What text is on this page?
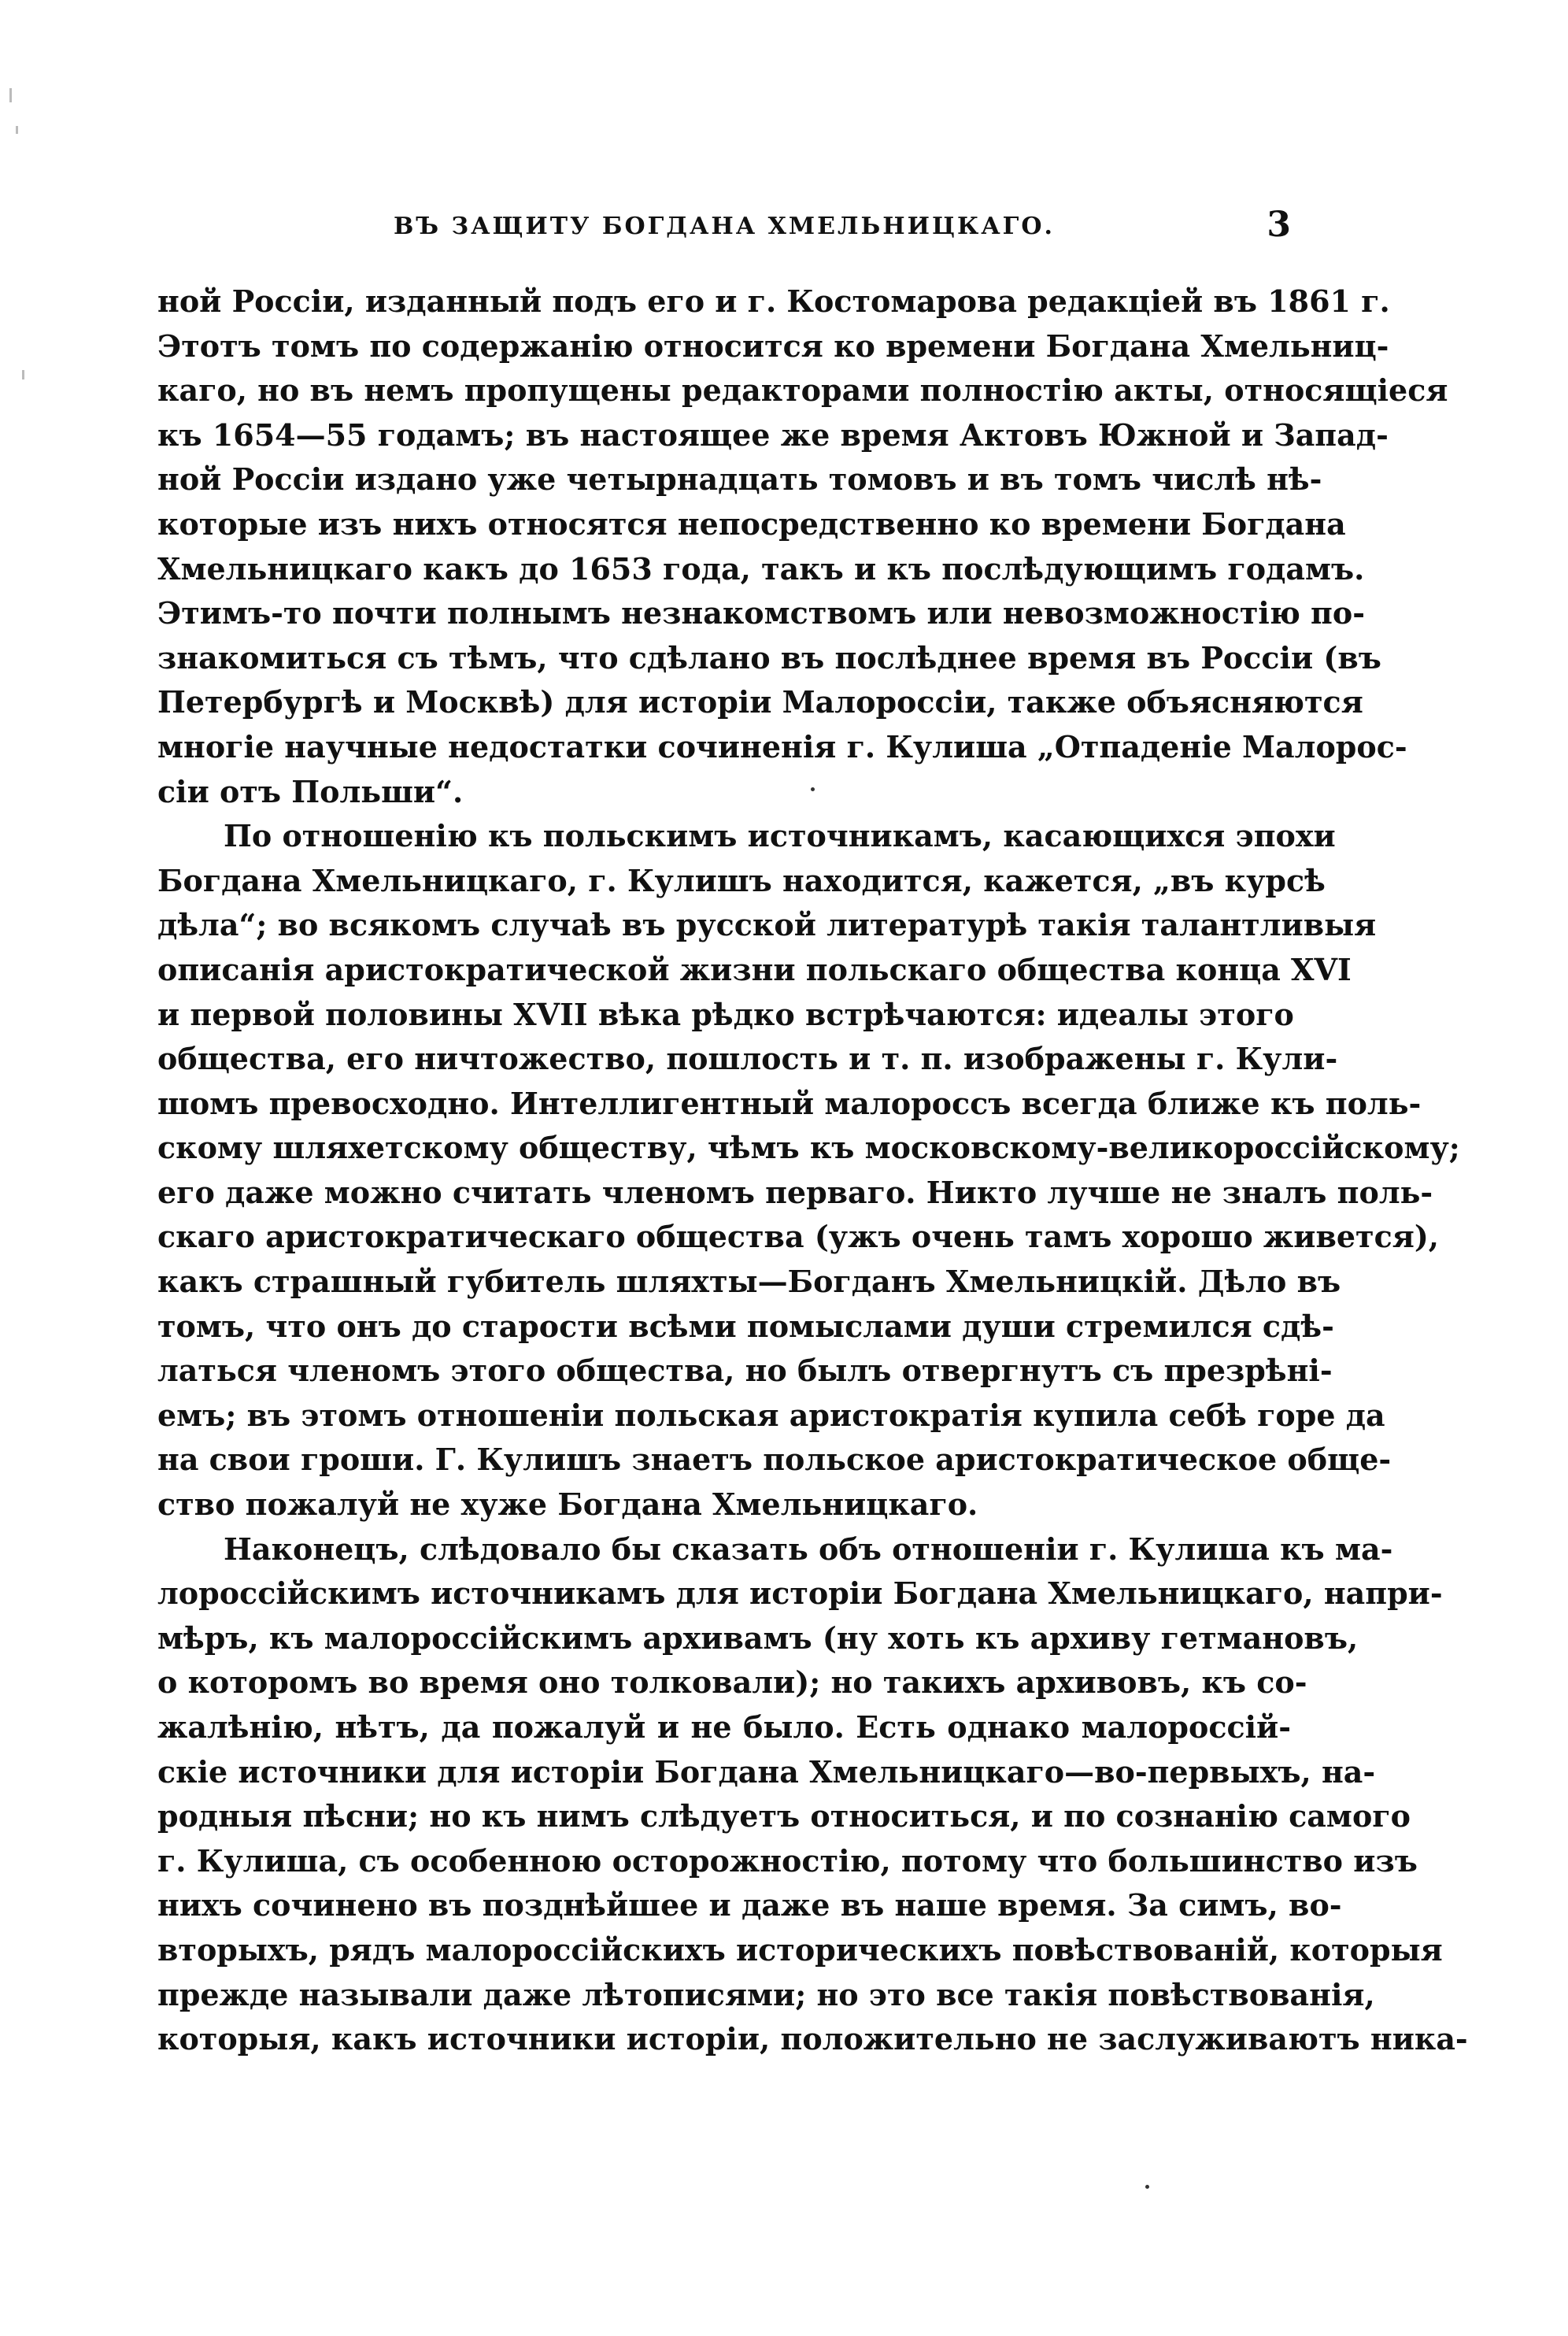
ВЪ ЗАЩИТУ БОГДАНА ХМЕЛЬНИЦКАГО.	3
ной Россіи, изданный подъ его и г. Костомарова редакціей въ 1861 г.
Этотъ томъ по содержанію относится ко времени Богдана Хмельниц-
каго, но въ немъ пропущены редакторами полностію акты, относящіеся
къ 1654—55 годамъ; въ настоящее же время Актовъ Южной и Запад-
ной Россіи издано уже четырнадцать томовъ и въ томъ числѣ нѣ-
которые изъ нихъ относятся непосредственно ко времени Богдана
Хмельницкаго какъ до 1653 года, такъ и къ послѣдующимъ годамъ.
Этимъ-то почти полнымъ незнакомствомъ или невозможностію по-
знакомиться съ тѣмъ, что сдѣлано въ послѣднее время въ Россіи (въ
Петербургѣ и Москвѣ) для исторіи Малороссіи, также объясняются
многіе научные недостатки сочиненія г. Кулиша „Отпаденіе Малорос-
сіи отъ Польши“.
По отношенію къ польскимъ источникамъ, касающихся эпохи
Богдана Хмельницкаго, г. Кулишъ находится, кажется, „въ курсѣ
дѣла“; во всякомъ случаѣ въ русской литературѣ такія талантливыя
описанія аристократической жизни польскаго общества конца XVI
и первой половины XVII вѣка рѣдко встрѣчаются: идеалы этого
общества, его ничтожество, пошлость и т. п. изображены г. Кули-
шомъ превосходно. Интеллигентный малороссъ всегда ближе къ поль-
скому шляхетскому обществу, чѣмъ къ московскому-великороссійскому;
его даже можно считать членомъ перваго. Никто лучше не зналъ поль-
скаго аристократическаго общества (ужъ очень тамъ хорошо живется),
какъ страшный губитель шляхты—Богданъ Хмельницкій. Дѣло въ
томъ, что онъ до старости всѣми помыслами души стремился сдѣ-
латься членомъ этого общества, но былъ отвергнутъ съ презрѣні-
емъ; въ этомъ отношеніи польская аристократія купила себѣ горе да
на свои гроши. Г. Кулишъ знаетъ польское аристократическое обще-
ство пожалуй не хуже Богдана Хмельницкаго.
Наконецъ, слѣдовало бы сказать объ отношеніи г. Кулиша къ ма-
лороссійскимъ источникамъ для исторіи Богдана Хмельницкаго, напри-
мѣръ, къ малороссійскимъ архивамъ (ну хоть къ архиву гетмановъ,
о которомъ во время оно толковали); но такихъ архивовъ, къ со-
жалѣнію, нѣтъ, да пожалуй и не было. Есть однако малороссій-
скіе источники для исторіи Богдана Хмельницкаго—во-первыхъ, на-
родныя пѣсни; но къ нимъ слѣдуетъ относиться, и по сознанію самого
г. Кулиша, съ особенною осторожностію, потому что большинство изъ
нихъ сочинено въ позднѣйшее и даже въ наше время. За симъ, во-
вторыхъ, рядъ малороссійскихъ историческихъ повѣствованій, которыя
прежде называли даже лѣтописями; но это все такія повѣствованія,
которыя, какъ источники исторіи, положительно не заслуживаютъ ника-
